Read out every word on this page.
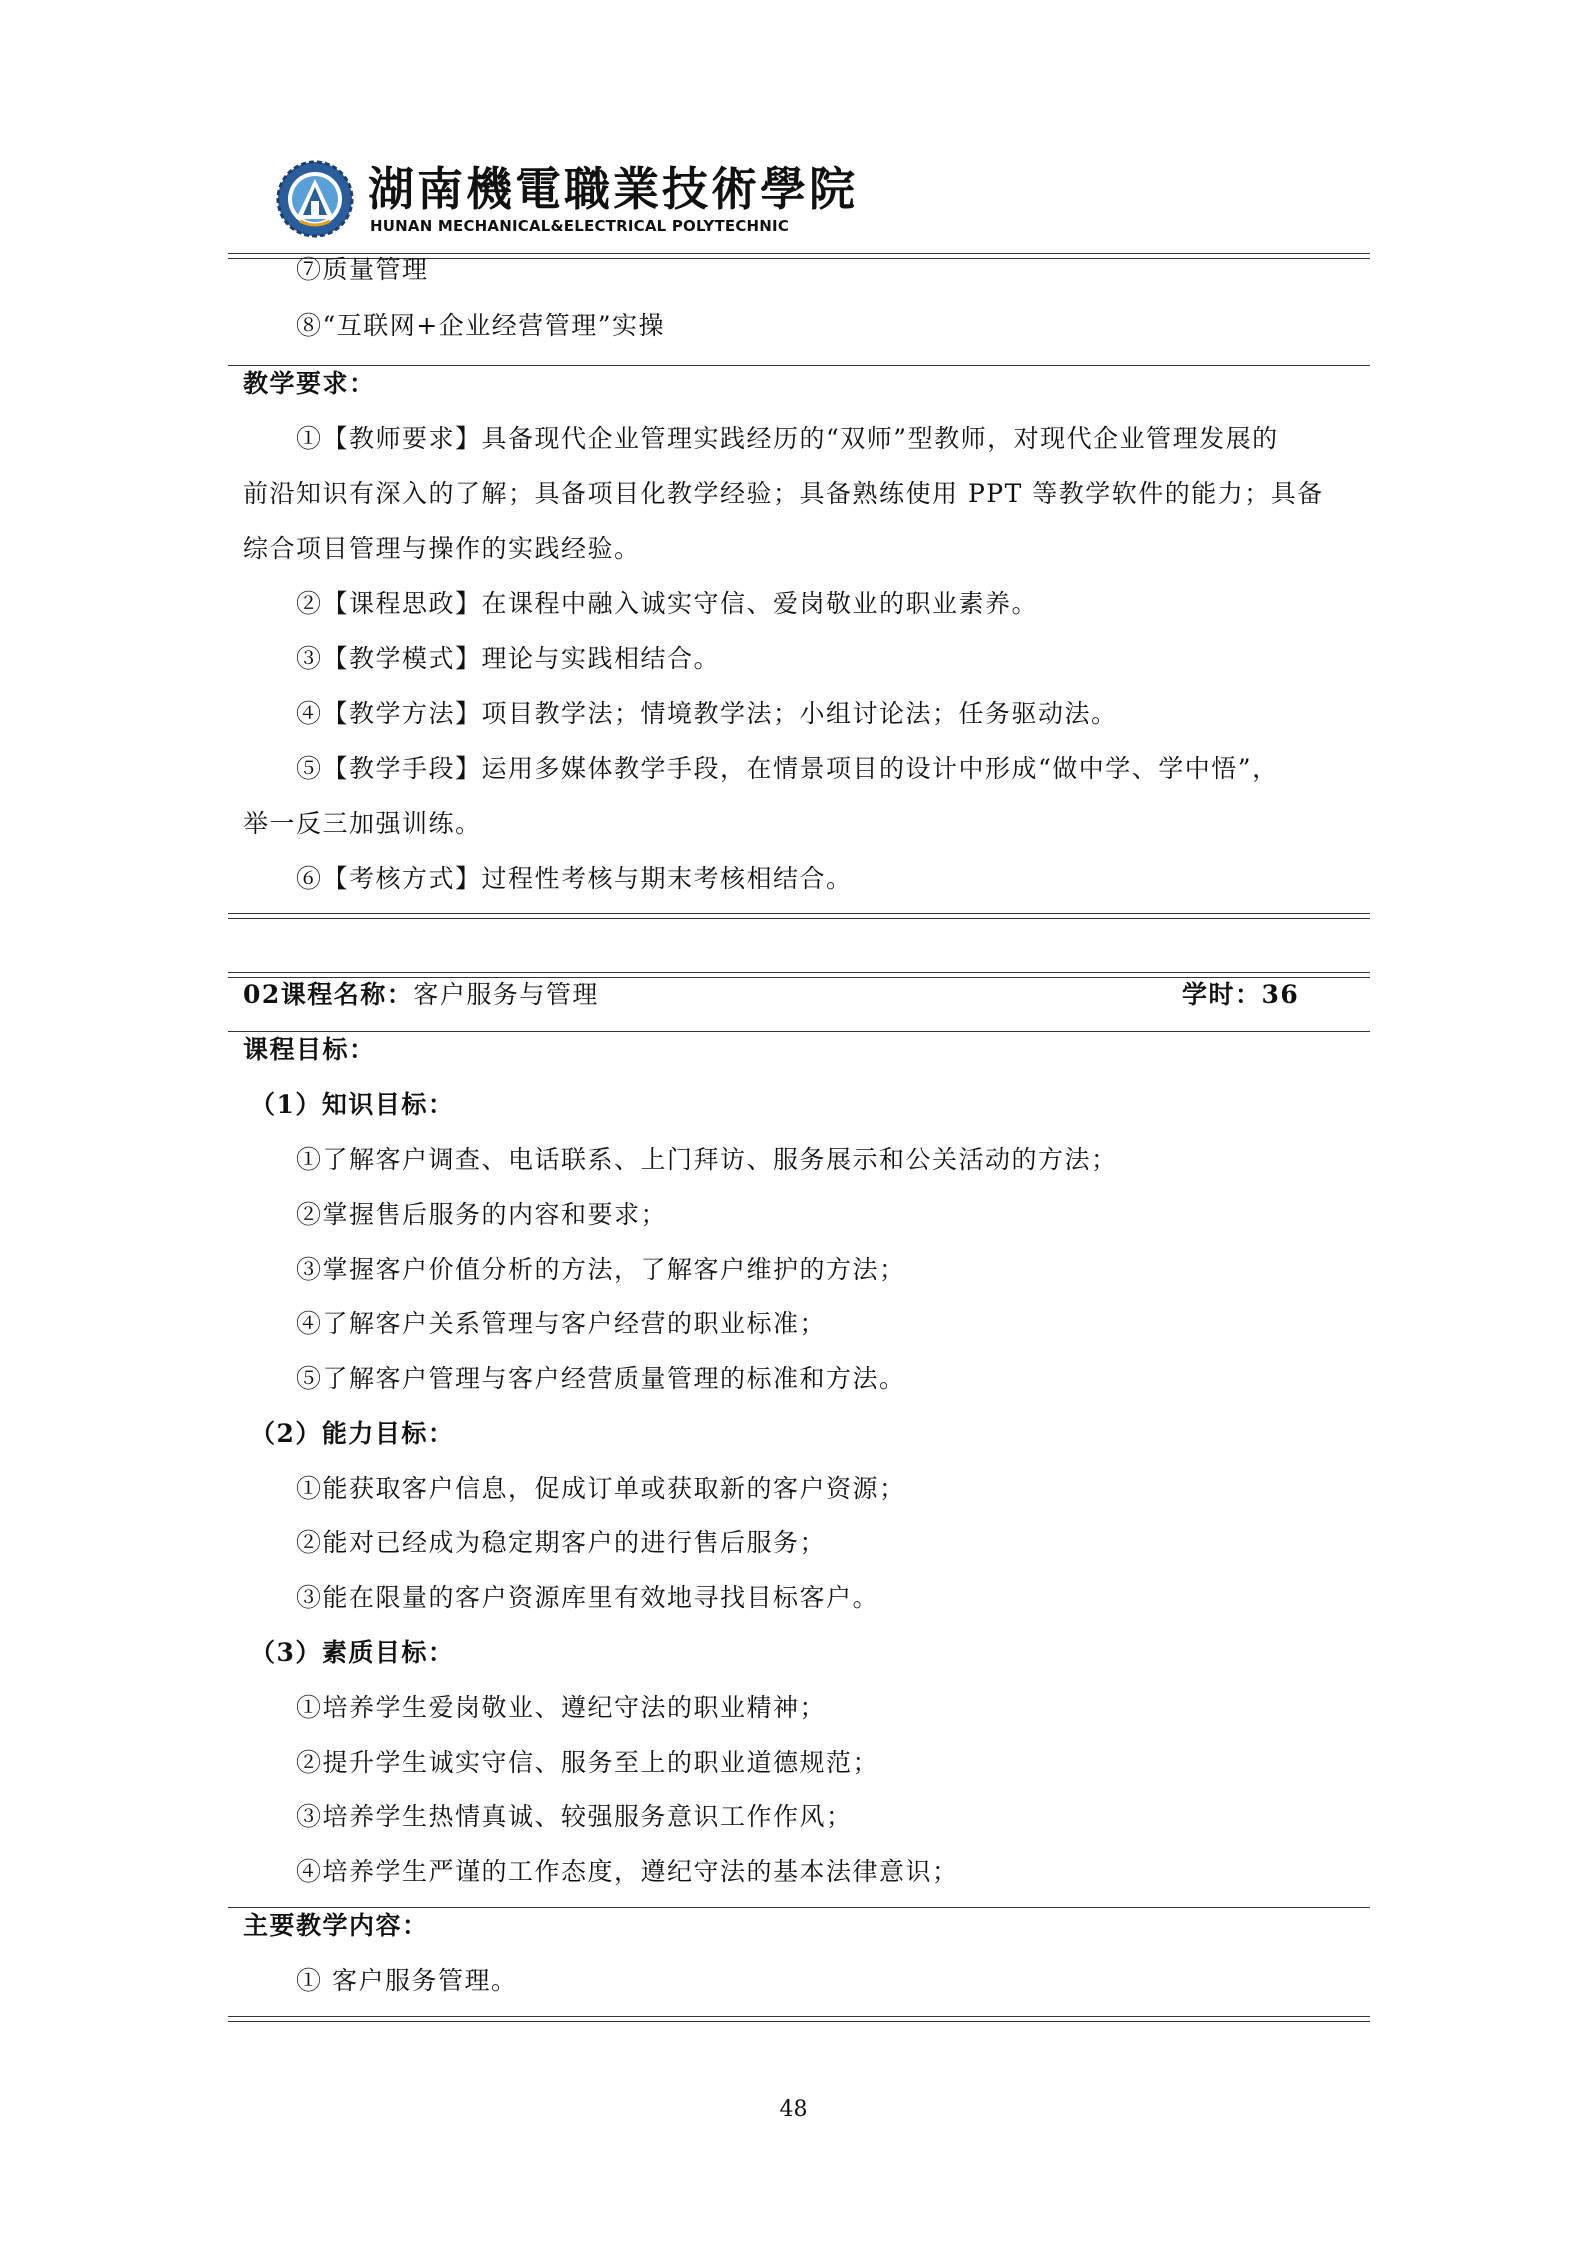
湖南機電職業技術學院
HUNAN MECHANICAL&ELECTRICAL POLYTECHNIC
⑦质量管理
⑧“互联网+企业经营管理”实操
教学要求：
①【教师要求】具备现代企业管理实践经历的“双师”型教师，对现代企业管理发展的
前沿知识有深入的了解；具备项目化教学经验；具备熟练使用 PPT 等教学软件的能力；具备
综合项目管理与操作的实践经验。
②【课程思政】在课程中融入诚实守信、爱岗敬业的职业素养。
③【教学模式】理论与实践相结合。
④【教学方法】项目教学法；情境教学法；小组讨论法；任务驱动法。
⑤【教学手段】运用多媒体教学手段，在情景项目的设计中形成“做中学、学中悟”，
举一反三加强训练。
⑥【考核方式】过程性考核与期末考核相结合。
02课程名称：客户服务与管理	学时：36
课程目标：
（1）知识目标：
①了解客户调查、电话联系、上门拜访、服务展示和公关活动的方法；
②掌握售后服务的内容和要求；
③掌握客户价值分析的方法，了解客户维护的方法；
④了解客户关系管理与客户经营的职业标准；
⑤了解客户管理与客户经营质量管理的标准和方法。
（2）能力目标：
①能获取客户信息，促成订单或获取新的客户资源；
②能对已经成为稳定期客户的进行售后服务；
③能在限量的客户资源库里有效地寻找目标客户。
（3）素质目标：
①培养学生爱岗敬业、遵纪守法的职业精神；
②提升学生诚实守信、服务至上的职业道德规范；
③培养学生热情真诚、较强服务意识工作作风；
④培养学生严谨的工作态度，遵纪守法的基本法律意识；
主要教学内容：
① 客户服务管理。
48
